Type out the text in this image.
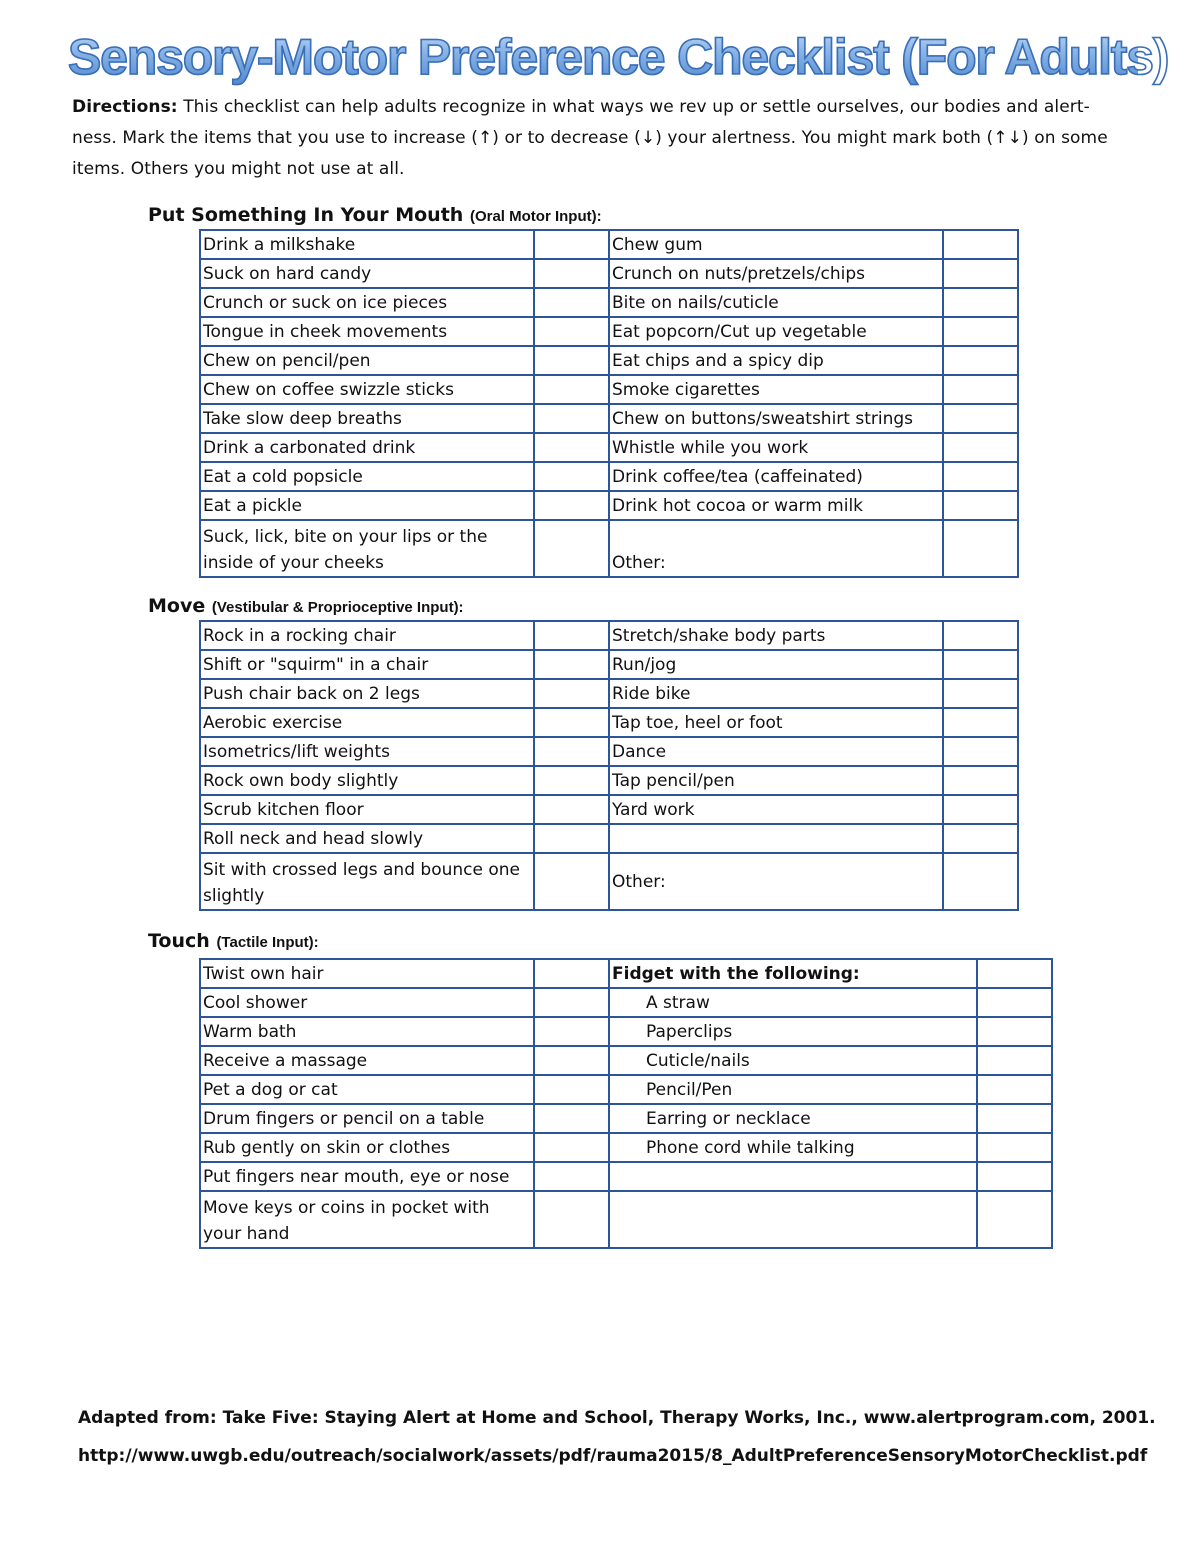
Sensory-Motor Preference Checklist (For Adults)

Directions: This checklist can help adults recognize in what ways we rev up or settle ourselves, our bodies and alert- ness. Mark the items that you use to increase (↑) or to decrease (↓) your alertness. You might mark both (↑↓) on some items. Others you might not use at all.

Put Something In Your Mouth (Oral Motor Input):

Drink a milkshake		Chew gum	
Suck on hard candy		Crunch on nuts/pretzels/chips	
Crunch or suck on ice pieces		Bite on nails/cuticle	
Tongue in cheek movements		Eat popcorn/Cut up vegetable	
Chew on pencil/pen		Eat chips and a spicy dip	
Chew on coffee swizzle sticks		Smoke cigarettes	
Take slow deep breaths		Chew on buttons/sweatshirt strings	
Drink a carbonated drink		Whistle while you work	
Eat a cold popsicle		Drink coffee/tea (caffeinated)	
Eat a pickle		Drink hot cocoa or warm milk	
Suck, lick, bite on your lips or the inside of your cheeks		Other:	

Move (Vestibular & Proprioceptive Input):

Rock in a rocking chair		Stretch/shake body parts	
Shift or "squirm" in a chair		Run/jog	
Push chair back on 2 legs		Ride bike	
Aerobic exercise		Tap toe, heel or foot	
Isometrics/lift weights		Dance	
Rock own body slightly		Tap pencil/pen	
Scrub kitchen floor		Yard work	
Roll neck and head slowly			
Sit with crossed legs and bounce one slightly		Other:	

Touch (Tactile Input):

Twist own hair		Fidget with the following:	
Cool shower		A straw	
Warm bath		Paperclips	
Receive a massage		Cuticle/nails	
Pet a dog or cat		Pencil/Pen	
Drum fingers or pencil on a table		Earring or necklace	
Rub gently on skin or clothes		Phone cord while talking	
Put fingers near mouth, eye or nose			
Move keys or coins in pocket with your hand			

Adapted from: Take Five: Staying Alert at Home and School, Therapy Works, Inc., www.alertprogram.com, 2001.

http://www.uwgb.edu/outreach/socialwork/assets/pdf/rauma2015/8_AdultPreferenceSensoryMotorChecklist.pdf
